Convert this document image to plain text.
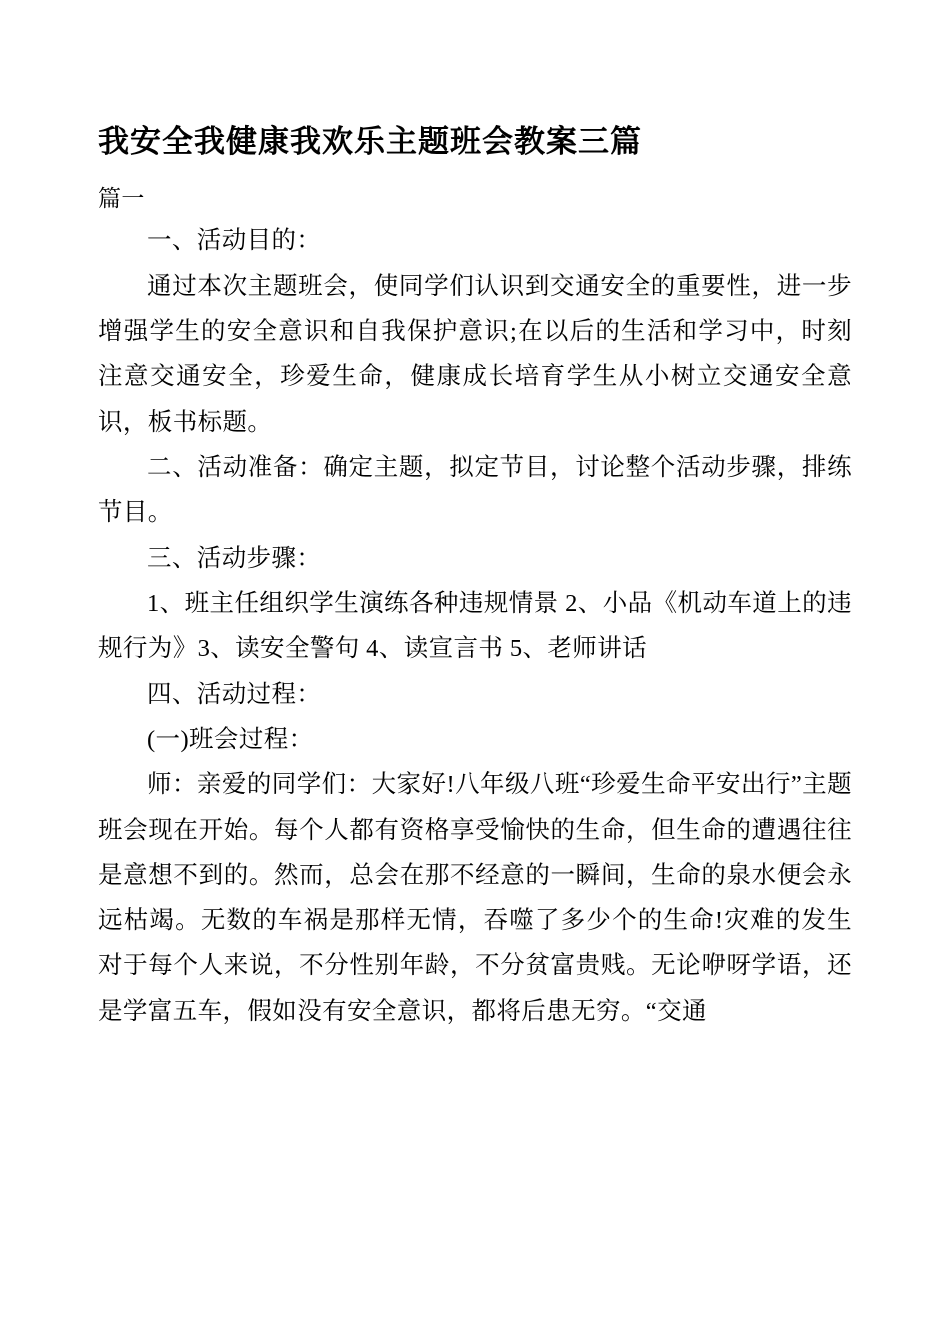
我安全我健康我欢乐主题班会教案三篇

篇一

一、活动目的：

通过本次主题班会，使同学们认识到交通安全的重要性，进一步增强学生的安全意识和自我保护意识;在以后的生活和学习中，时刻注意交通安全，珍爱生命，健康成长培育学生从小树立交通安全意识，板书标题。

二、活动准备：确定主题，拟定节目，讨论整个活动步骤，排练节目。

三、活动步骤：

1、班主任组织学生演练各种违规情景 2、小品《机动车道上的违规行为》3、读安全警句 4、读宣言书 5、老师讲话

四、活动过程：

(一)班会过程：

师：亲爱的同学们：大家好!八年级八班“珍爱生命平安出行”主题班会现在开始。每个人都有资格享受愉快的生命，但生命的遭遇往往是意想不到的。然而，总会在那不经意的一瞬间，生命的泉水便会永远枯竭。无数的车祸是那样无情，吞噬了多少个的生命!灾难的发生对于每个人来说，不分性别年龄，不分贫富贵贱。无论咿呀学语，还是学富五车，假如没有安全意识，都将后患无穷。“交通
